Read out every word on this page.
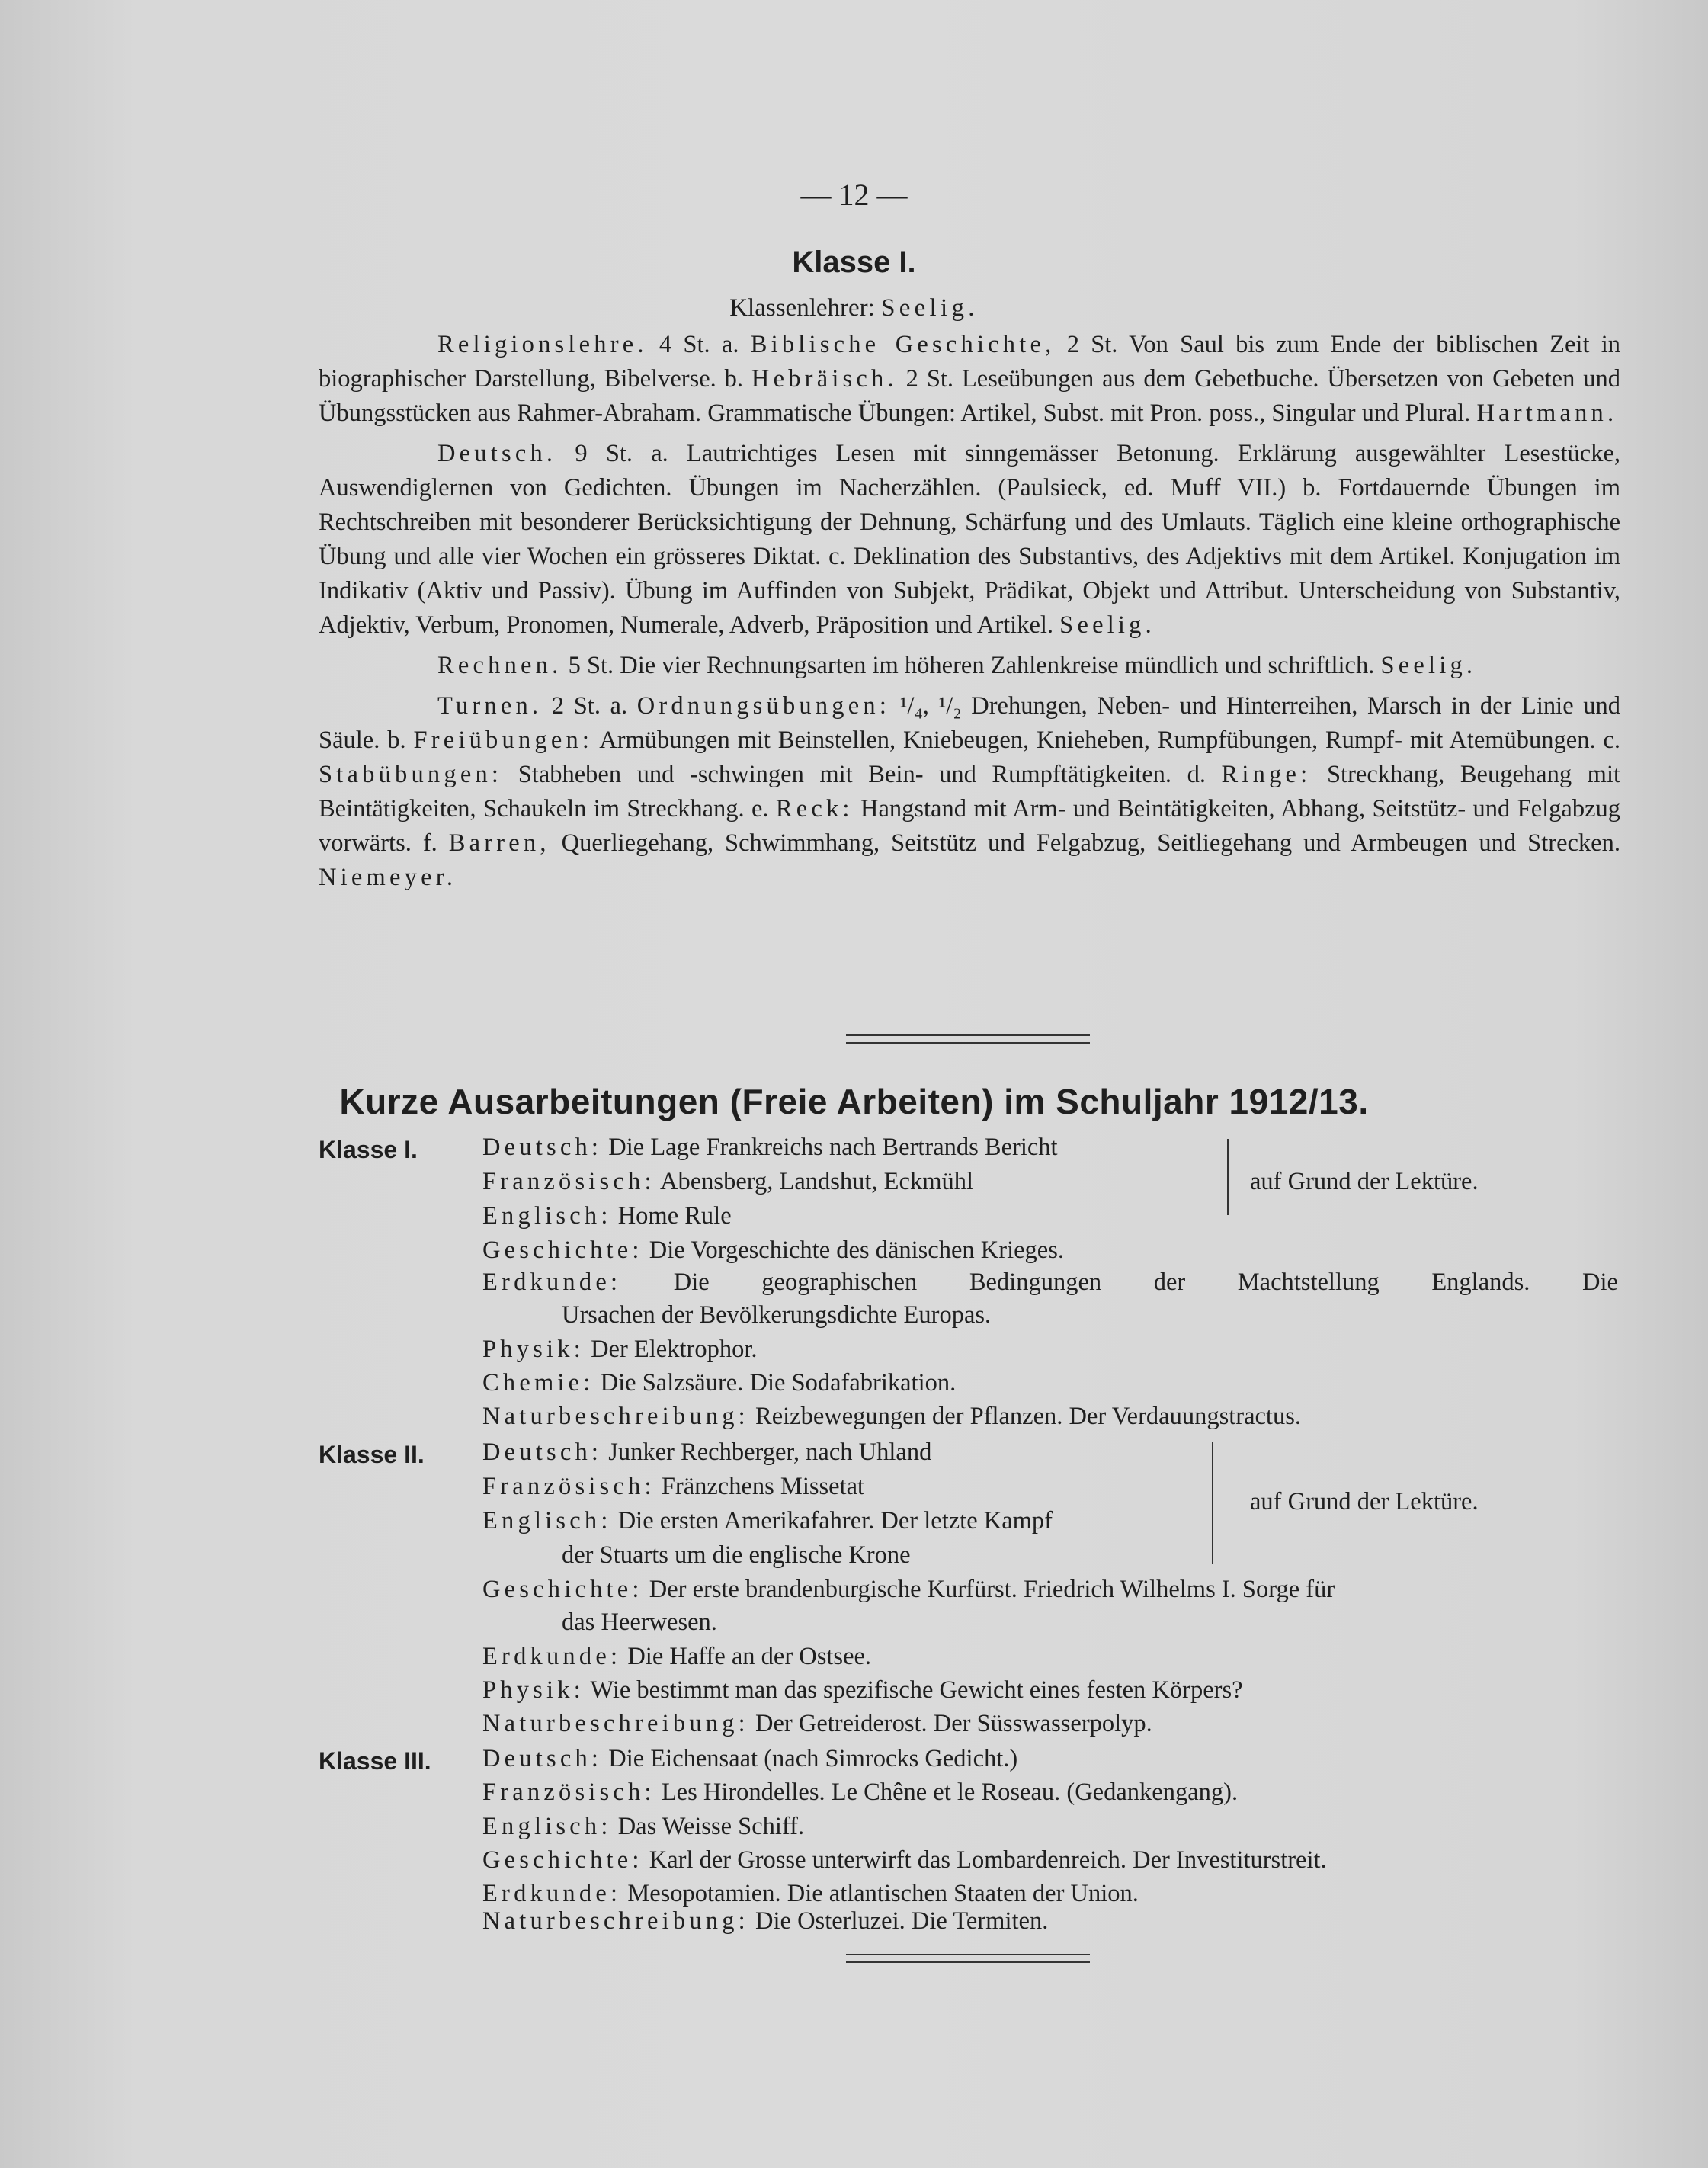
— 12 —
Klasse I.
Klassenlehrer: Seelig.

Religionslehre. 4 St. a. Biblische Geschichte, 2 St. Von Saul bis zum Ende der biblischen Zeit in biographischer Darstellung, Bibelverse. b. Hebräisch. 2 St. Leseübungen aus dem Gebetbuche. Übersetzen von Gebeten und Übungsstücken aus Rahmer-Abraham. Grammatische Übungen: Artikel, Subst. mit Pron. poss., Singular und Plural. Hartmann.

Deutsch. 9 St. a. Lautrichtiges Lesen mit sinngemässer Betonung. Erklärung ausgewählter Lesestücke, Auswendiglernen von Gedichten. Übungen im Nacherzählen. (Paulsieck, ed. Muff VII.) b. Fortdauernde Übungen im Rechtschreiben mit besonderer Berücksichtigung der Dehnung, Schärfung und des Umlauts. Täglich eine kleine orthographische Übung und alle vier Wochen ein grösseres Diktat. c. Deklination des Substantivs, des Adjektivs mit dem Artikel. Konjugation im Indikativ (Aktiv und Passiv). Übung im Auffinden von Subjekt, Prädikat, Objekt und Attribut. Unterscheidung von Substantiv, Adjektiv, Verbum, Pronomen, Numerale, Adverb, Präposition und Artikel. Seelig.

Rechnen. 5 St. Die vier Rechnungsarten im höheren Zahlenkreise mündlich und schriftlich. Seelig.

Turnen. 2 St. a. Ordnungsübungen: ¹/₄, ¹/₂ Drehungen, Neben- und Hinterreihen, Marsch in der Linie und Säule. b. Freiübungen: Armübungen mit Beinstellen, Kniebeugen, Knieheben, Rumpfübungen, Rumpf- mit Atemübungen. c. Stabübungen: Stabheben und -schwingen mit Bein- und Rumpftätigkeiten. d. Ringe: Streckhang, Beugehang mit Beintätigkeiten, Schaukeln im Streckhang. e. Reck: Hangstand mit Arm- und Beintätigkeiten, Abhang, Seitstütz- und Felgabzug vorwärts. f. Barren, Querliegehang, Schwimmhang, Seitstütz und Felgabzug, Seitliegehang und Armbeugen und Strecken. Niemeyer.

Kurze Ausarbeitungen (Freie Arbeiten) im Schuljahr 1912/13.
Klasse I.	Deutsch: Die Lage Frankreichs nach Bertrands Bericht
Französisch: Abensberg, Landshut, Eckmühl
Englisch: Home Rule
auf Grund der Lektüre.
Geschichte: Die Vorgeschichte des dänischen Krieges.
Erdkunde: Die geographischen Bedingungen der Machtstellung Englands. Die
Ursachen der Bevölkerungsdichte Europas.
Physik: Der Elektrophor.
Chemie: Die Salzsäure. Die Sodafabrikation.
Naturbeschreibung: Reizbewegungen der Pflanzen. Der Verdauungstractus.
Klasse II. Deutsch: Junker Rechberger, nach Uhland
Französisch: Fränzchens Missetat
Englisch: Die ersten Amerikafahrer. Der letzte Kampf
der Stuarts um die englische Krone
auf Grund der Lektüre.
Geschichte: Der erste brandenburgische Kurfürst. Friedrich Wilhelms I. Sorge für
das Heerwesen.
Erdkunde: Die Haffe an der Ostsee.
Physik: Wie bestimmt man das spezifische Gewicht eines festen Körpers?
Naturbeschreibung: Der Getreiderost. Der Süsswasserpolyp.
Klasse III. Deutsch: Die Eichensaat (nach Simrocks Gedicht.)
Französisch: Les Hirondelles. Le Chêne et le Roseau. (Gedankengang).
Englisch: Das Weisse Schiff.
Geschichte: Karl der Grosse unterwirft das Lombardenreich. Der Investiturstreit.
Erdkunde: Mesopotamien. Die atlantischen Staaten der Union.
Naturbeschreibung: Die Osterluzei. Die Termiten.
